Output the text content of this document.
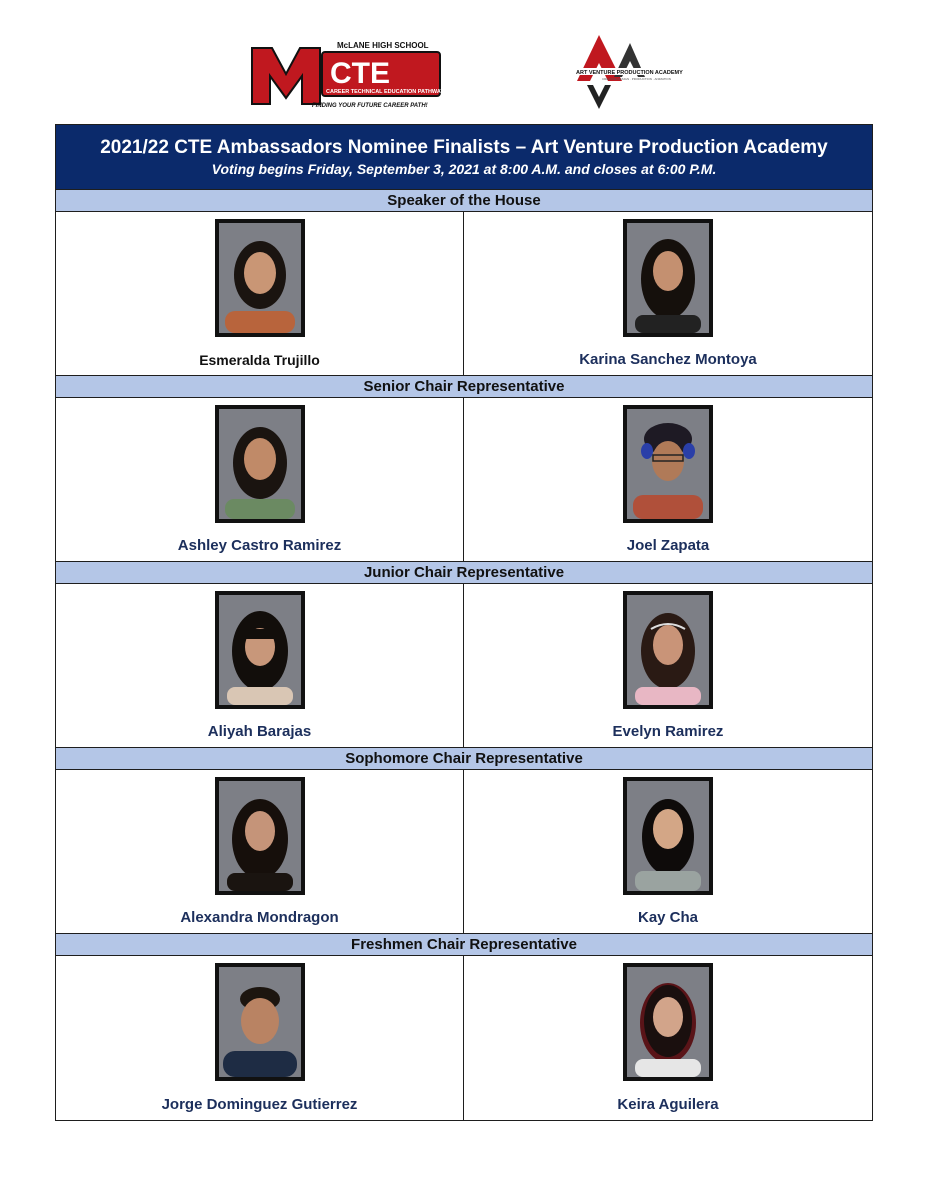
McLANE HIGH SCHOOL
CTE
CAREER TECHNICAL EDUCATION PATHWAYS
FINDING YOUR FUTURE CAREER PATH!
ART VENTURE PRODUCTION ACADEMY
CREATIVE DESIGN · PRODUCTION · ANIMATION
2021/22 CTE Ambassadors Nominee Finalists – Art Venture Production Academy
Voting begins Friday, September 3, 2021 at 8:00 A.M. and closes at 6:00 P.M.
Speaker of the House
Esmeralda Trujillo	Karina Sanchez Montoya
Senior Chair Representative
Ashley Castro Ramirez	Joel Zapata
Junior Chair Representative
Aliyah Barajas	Evelyn Ramirez
Sophomore Chair Representative
Alexandra Mondragon	Kay Cha
Freshmen Chair Representative
Jorge Dominguez Gutierrez	Keira Aguilera
